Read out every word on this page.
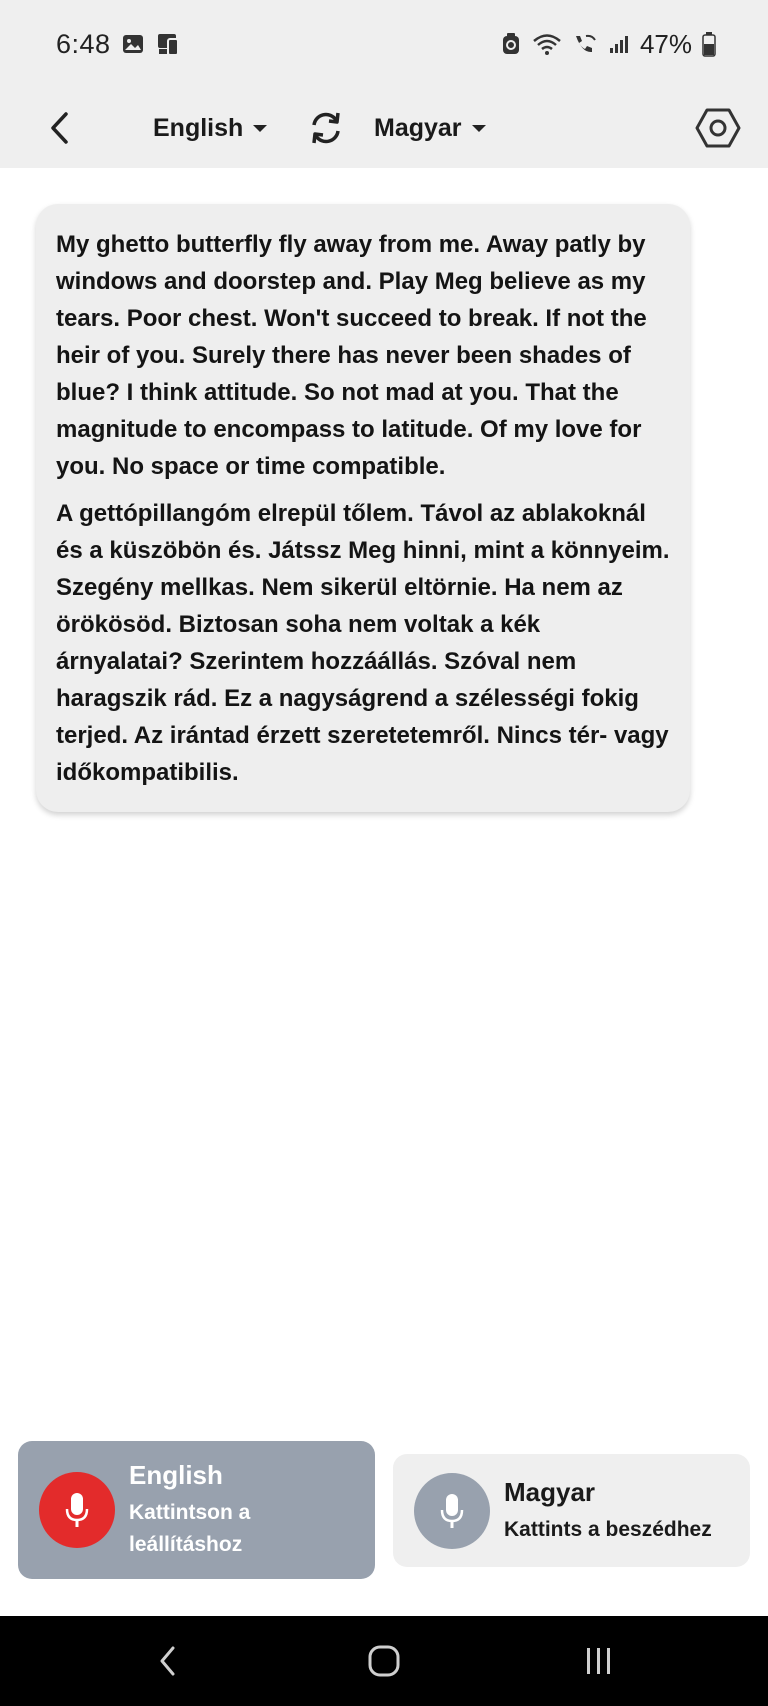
6:48	47%
English	Magyar

My ghetto butterfly fly away from me. Away patly by windows and doorstep and. Play Meg believe as my tears. Poor chest. Won't succeed to break. If not the heir of you. Surely there has never been shades of blue? I think attitude. So not mad at you. That the magnitude to encompass to latitude. Of my love for you. No space or time compatible.

A gettópillangóm elrepül tőlem. Távol az ablakoknál és a küszöbön és. Játssz Meg hinni, mint a könnyeim. Szegény mellkas. Nem sikerül eltörnie. Ha nem az örökösöd. Biztosan soha nem voltak a kék árnyalatai? Szerintem hozzáállás. Szóval nem haragszik rád. Ez a nagyságrend a szélességi fokig terjed. Az irántad érzett szeretetemről. Nincs tér- vagy időkompatibilis.

English
Kattintson a leállításhoz
Magyar
Kattints a beszédhez
